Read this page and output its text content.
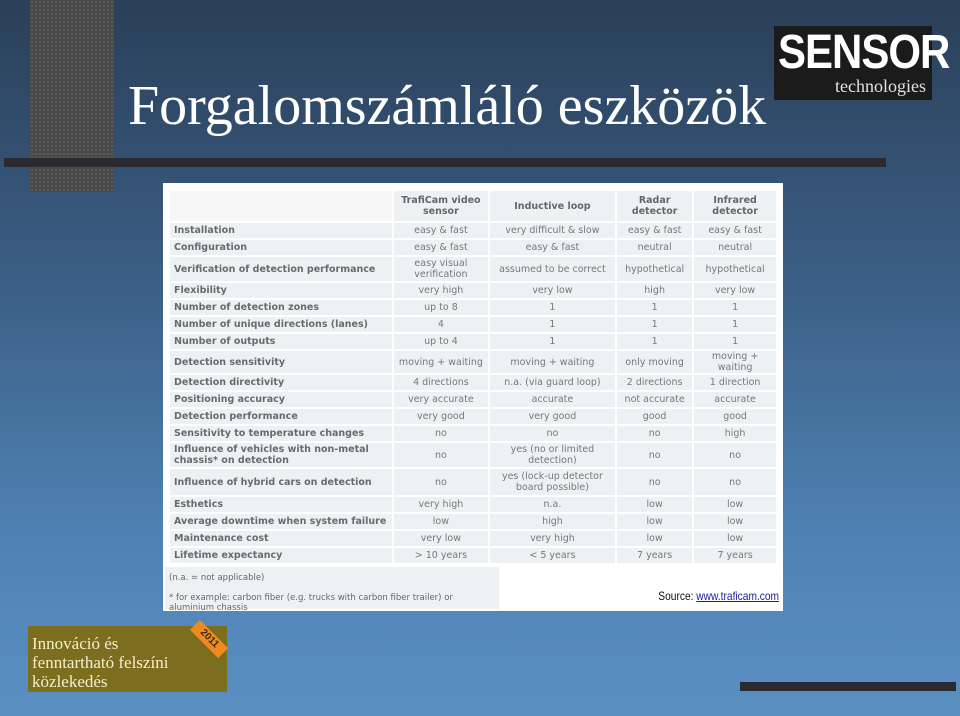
Forgalomszámláló eszközök
SENSOR
technologies
	TrafiCam video sensor	Inductive loop	Radar detector	Infrared detector
Installation	easy & fast	very difficult & slow	easy & fast	easy & fast
Configuration	easy & fast	easy & fast	neutral	neutral
Verification of detection performance	easy visual verification	assumed to be correct	hypothetical	hypothetical
Flexibility	very high	very low	high	very low
Number of detection zones	up to 8	1	1	1
Number of unique directions (lanes)	4	1	1	1
Number of outputs	up to 4	1	1	1
Detection sensitivity	moving + waiting	moving + waiting	only moving	moving + waiting
Detection directivity	4 directions	n.a. (via guard loop)	2 directions	1 direction
Positioning accuracy	very accurate	accurate	not accurate	accurate
Detection performance	very good	very good	good	good
Sensitivity to temperature changes	no	no	no	high
Influence of vehicles with non-metal chassis* on detection	no	yes (no or limited detection)	no	no
Influence of hybrid cars on detection	no	yes (lock-up detector board possible)	no	no
Esthetics	very high	n.a.	low	low
Average downtime when system failure	low	high	low	low
Maintenance cost	very low	very high	low	low
Lifetime expectancy	> 10 years	< 5 years	7 years	7 years
(n.a. = not applicable)
* for example: carbon fiber (e.g. trucks with carbon fiber trailer) or aluminium chassis
Source: www.traficam.com
Innováció és
fenntartható felszíni
közlekedés
2011
